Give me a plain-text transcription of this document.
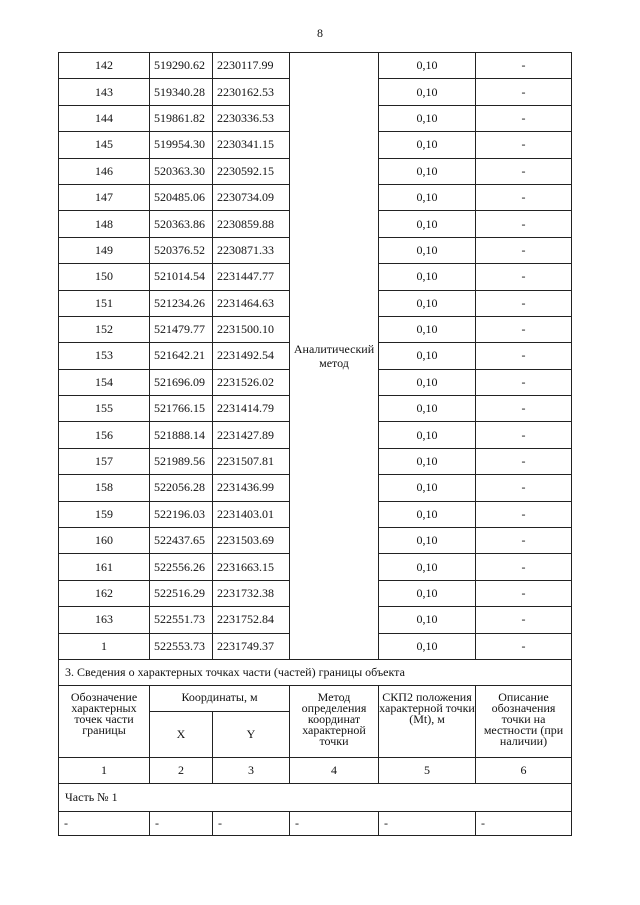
8
142	519290.62	2230117.99	Аналитический метод	0,10	-
143	519340.28	2230162.53		0,10	-
144	519861.82	2230336.53		0,10	-
145	519954.30	2230341.15		0,10	-
146	520363.30	2230592.15		0,10	-
147	520485.06	2230734.09		0,10	-
148	520363.86	2230859.88		0,10	-
149	520376.52	2230871.33		0,10	-
150	521014.54	2231447.77		0,10	-
151	521234.26	2231464.63		0,10	-
152	521479.77	2231500.10		0,10	-
153	521642.21	2231492.54		0,10	-
154	521696.09	2231526.02		0,10	-
155	521766.15	2231414.79		0,10	-
156	521888.14	2231427.89		0,10	-
157	521989.56	2231507.81		0,10	-
158	522056.28	2231436.99		0,10	-
159	522196.03	2231403.01		0,10	-
160	522437.65	2231503.69		0,10	-
161	522556.26	2231663.15		0,10	-
162	522516.29	2231732.38		0,10	-
163	522551.73	2231752.84		0,10	-
1	522553.73	2231749.37		0,10	-
3. Сведения о характерных точках части (частей) границы объекта					
Обозначение характерных точек части границы	Координаты, м		Метод определения координат характерной точки	СКП2 положения характерной точки (Мt), м	Описание обозначения точки на местности (при наличии)
	X	Y			
1	2	3	4	5	6
Часть № 1					
-	-	-	-	-	-
